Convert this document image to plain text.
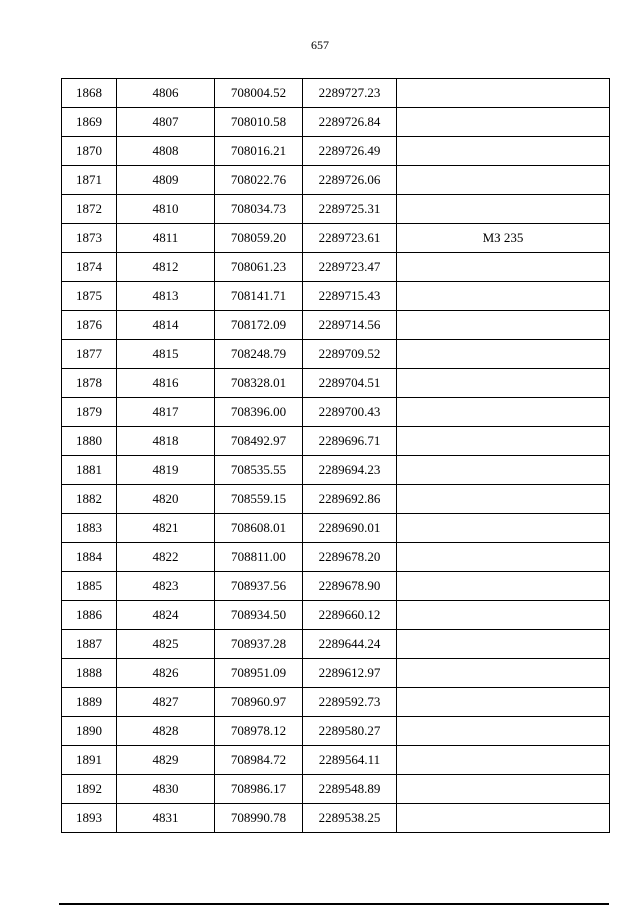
657
1868	4806	708004.52	2289727.23	
1869	4807	708010.58	2289726.84	
1870	4808	708016.21	2289726.49	
1871	4809	708022.76	2289726.06	
1872	4810	708034.73	2289725.31	
1873	4811	708059.20	2289723.61	МЗ 235
1874	4812	708061.23	2289723.47	
1875	4813	708141.71	2289715.43	
1876	4814	708172.09	2289714.56	
1877	4815	708248.79	2289709.52	
1878	4816	708328.01	2289704.51	
1879	4817	708396.00	2289700.43	
1880	4818	708492.97	2289696.71	
1881	4819	708535.55	2289694.23	
1882	4820	708559.15	2289692.86	
1883	4821	708608.01	2289690.01	
1884	4822	708811.00	2289678.20	
1885	4823	708937.56	2289678.90	
1886	4824	708934.50	2289660.12	
1887	4825	708937.28	2289644.24	
1888	4826	708951.09	2289612.97	
1889	4827	708960.97	2289592.73	
1890	4828	708978.12	2289580.27	
1891	4829	708984.72	2289564.11	
1892	4830	708986.17	2289548.89	
1893	4831	708990.78	2289538.25	
